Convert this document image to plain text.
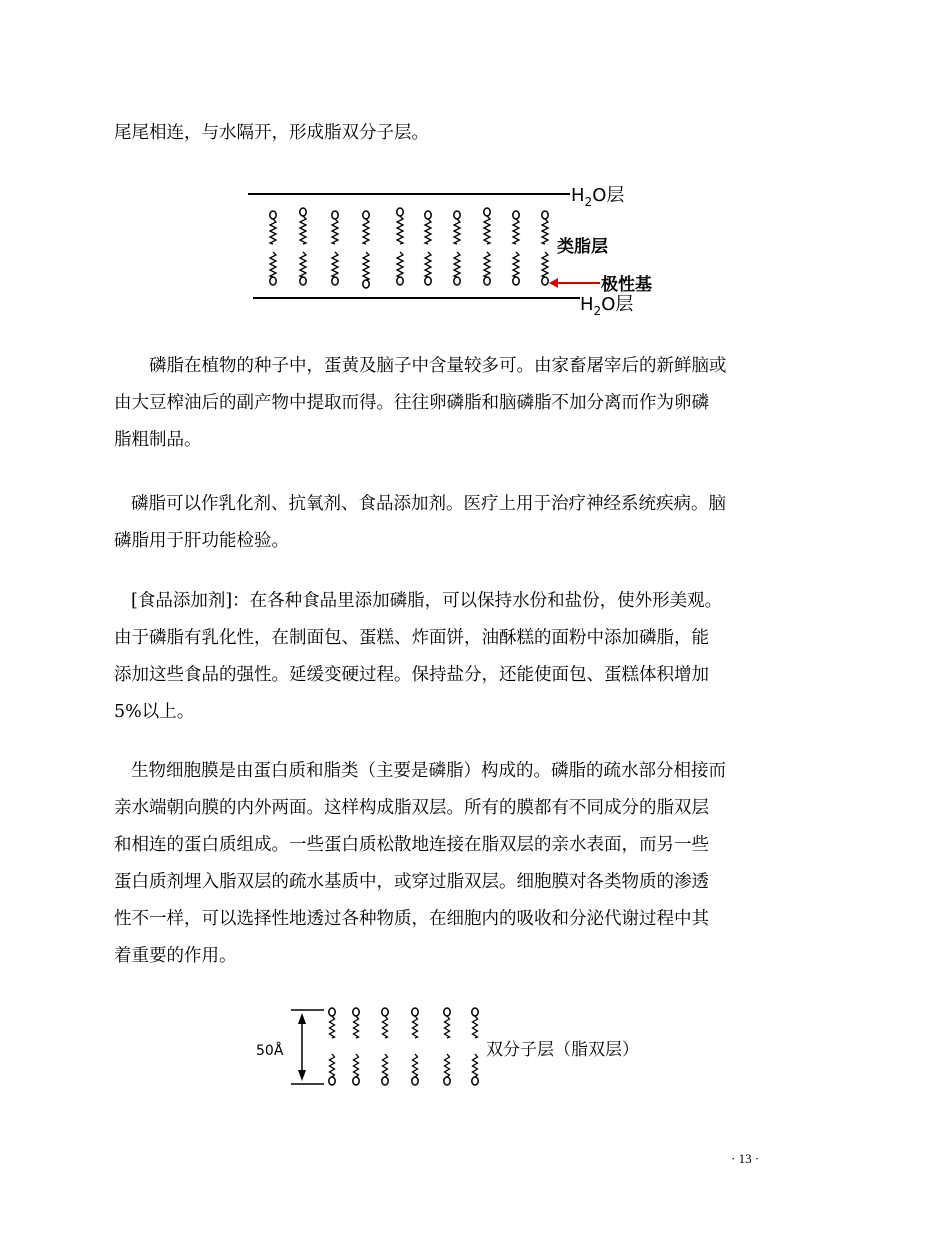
尾尾相连，与水隔开，形成脂双分子层。
$H_2O$层
类脂层
极性基
$H_2O$层
磷脂在植物的种子中，蛋黄及脑子中含量较多可。由家畜屠宰后的新鲜脑或
由大豆榨油后的副产物中提取而得。往往卵磷脂和脑磷脂不加分离而作为卵磷
脂粗制品。
磷脂可以作乳化剂、抗氧剂、食品添加剂。医疗上用于治疗神经系统疾病。脑
磷脂用于肝功能检验。
[食品添加剂]：在各种食品里添加磷脂，可以保持水份和盐份，使外形美观。
由于磷脂有乳化性，在制面包、蛋糕、炸面饼，油酥糕的面粉中添加磷脂，能
添加这些食品的强性。延缓变硬过程。保持盐分，还能使面包、蛋糕体积增加
5%以上。
生物细胞膜是由蛋白质和脂类（主要是磷脂）构成的。磷脂的疏水部分相接而
亲水端朝向膜的内外两面。这样构成脂双层。所有的膜都有不同成分的脂双层
和相连的蛋白质组成。一些蛋白质松散地连接在脂双层的亲水表面，而另一些
蛋白质剂埋入脂双层的疏水基质中，或穿过脂双层。细胞膜对各类物质的渗透
性不一样，可以选择性地透过各种物质，在细胞内的吸收和分泌代谢过程中其
着重要的作用。
50Å	双分子层（脂双层）
· 13 ·
